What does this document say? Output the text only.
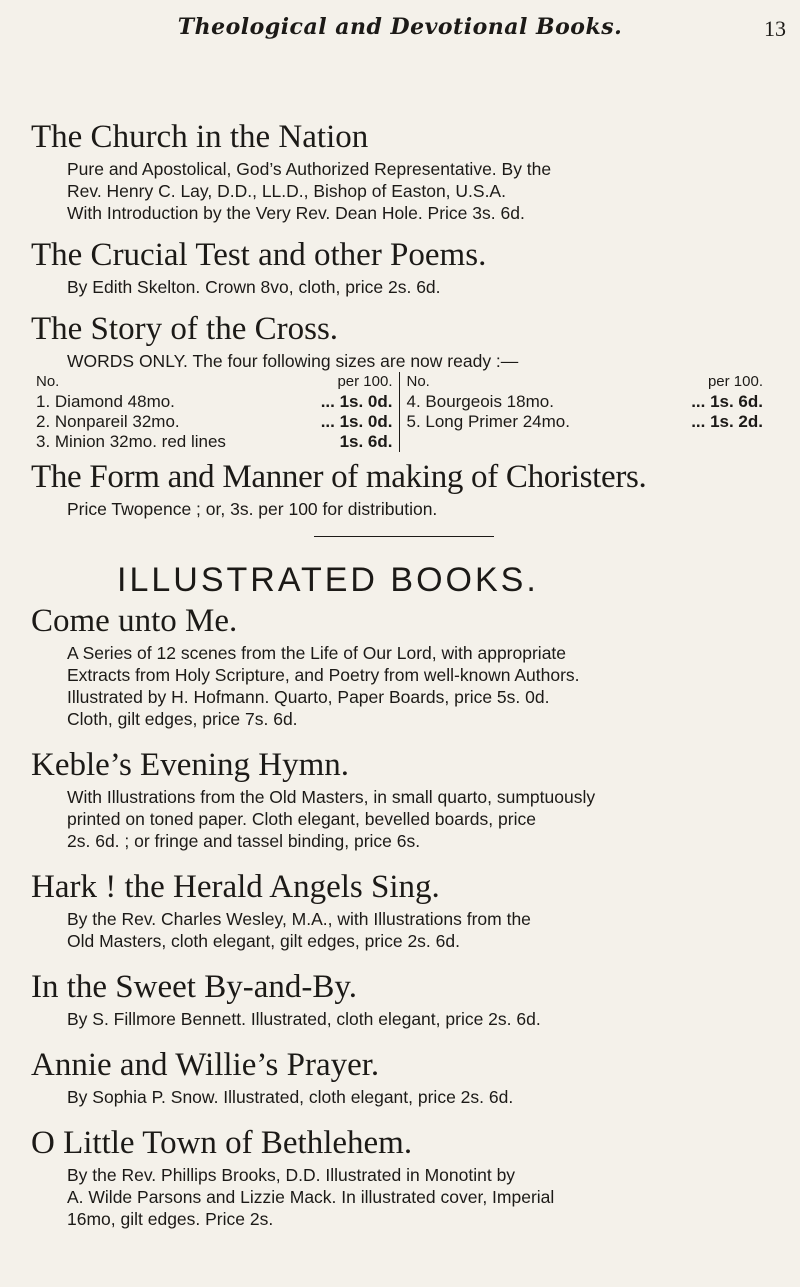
Theological and Devotional Books.	13
The Church in the Nation
Pure and Apostolical, God’s Authorized Representative. By the
Rev. Henry C. Lay, D.D., LL.D., Bishop of Easton, U.S.A.
With Introduction by the Very Rev. Dean Hole. Price 3s. 6d.
The Crucial Test and other Poems.
By Edith Skelton. Crown 8vo, cloth, price 2s. 6d.
The Story of the Cross.
WORDS ONLY. The four following sizes are now ready :—
No.	per 100.
1. Diamond 48mo.	... 1s. 0d.
2. Nonpareil 32mo.	... 1s. 0d.
3. Minion 32mo. red lines	1s. 6d.
No.	per 100.
4. Bourgeois 18mo.	... 1s. 6d.
5. Long Primer 24mo.	... 1s. 2d.
The Form and Manner of making of Choristers.
Price Twopence ; or, 3s. per 100 for distribution.
ILLUSTRATED BOOKS.
Come unto Me.
A Series of 12 scenes from the Life of Our Lord, with appropriate
Extracts from Holy Scripture, and Poetry from well-known Authors.
Illustrated by H. Hofmann. Quarto, Paper Boards, price 5s. 0d.
Cloth, gilt edges, price 7s. 6d.
Keble’s Evening Hymn.
With Illustrations from the Old Masters, in small quarto, sumptuously
printed on toned paper. Cloth elegant, bevelled boards, price
2s. 6d. ; or fringe and tassel binding, price 6s.
Hark ! the Herald Angels Sing.
By the Rev. Charles Wesley, M.A., with Illustrations from the
Old Masters, cloth elegant, gilt edges, price 2s. 6d.
In the Sweet By-and-By.
By S. Fillmore Bennett. Illustrated, cloth elegant, price 2s. 6d.
Annie and Willie’s Prayer.
By Sophia P. Snow. Illustrated, cloth elegant, price 2s. 6d.
O Little Town of Bethlehem.
By the Rev. Phillips Brooks, D.D. Illustrated in Monotint by
A. Wilde Parsons and Lizzie Mack. In illustrated cover, Imperial
16mo, gilt edges. Price 2s.
